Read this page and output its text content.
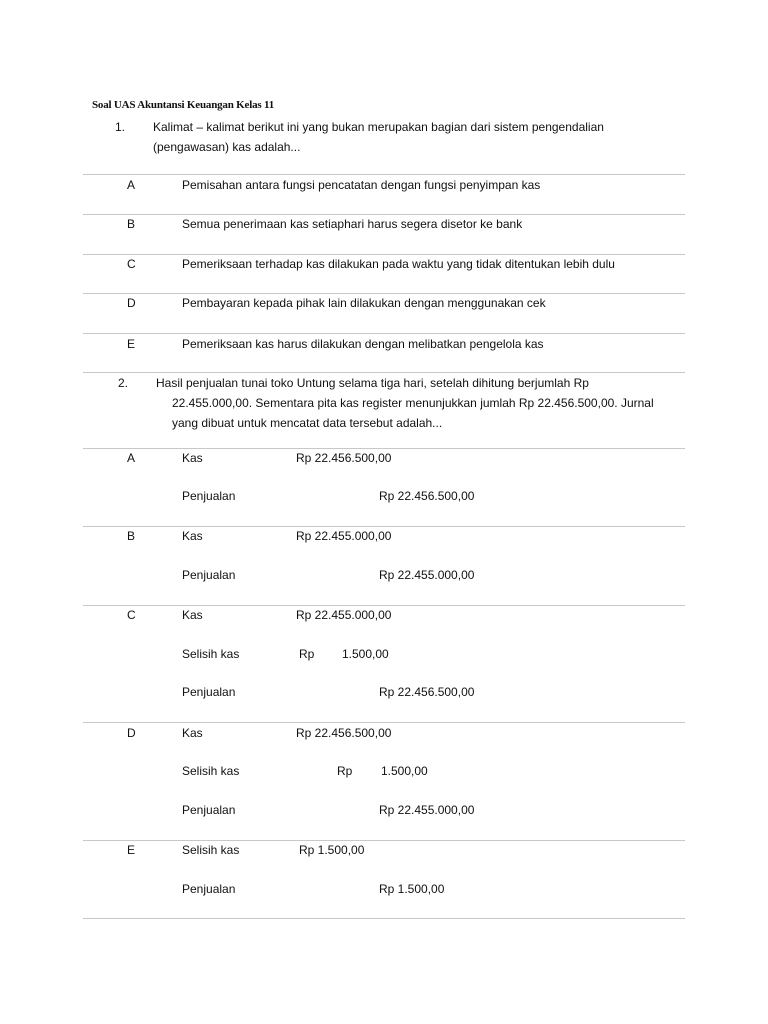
Soal UAS Akuntansi Keuangan Kelas 11
1. Kalimat – kalimat berikut ini yang bukan merupakan bagian dari sistem pengendalian
(pengawasan) kas adalah...
A	Pemisahan antara fungsi pencatatan dengan fungsi penyimpan kas
B	Semua penerimaan kas setiaphari harus segera disetor ke bank
C	Pemeriksaan terhadap kas dilakukan pada waktu yang tidak ditentukan lebih dulu
D	Pembayaran kepada pihak lain dilakukan dengan menggunakan cek
E	Pemeriksaan kas harus dilakukan dengan melibatkan pengelola kas
2. Hasil penjualan tunai toko Untung selama tiga hari, setelah dihitung berjumlah Rp
22.455.000,00. Sementara pita kas register menunjukkan jumlah Rp 22.456.500,00. Jurnal
yang dibuat untuk mencatat data tersebut adalah...
A	Kas	Rp 22.456.500,00
Penjualan	Rp 22.456.500,00
B	Kas	Rp 22.455.000,00
Penjualan	Rp 22.455.000,00
C	Kas	Rp 22.455.000,00
Selisih kas	Rp 1.500,00
Penjualan	Rp 22.456.500,00
D	Kas	Rp 22.456.500,00
Selisih kas	Rp 1.500,00
Penjualan	Rp 22.455.000,00
E	Selisih kas	Rp 1.500,00
Penjualan	Rp 1.500,00
